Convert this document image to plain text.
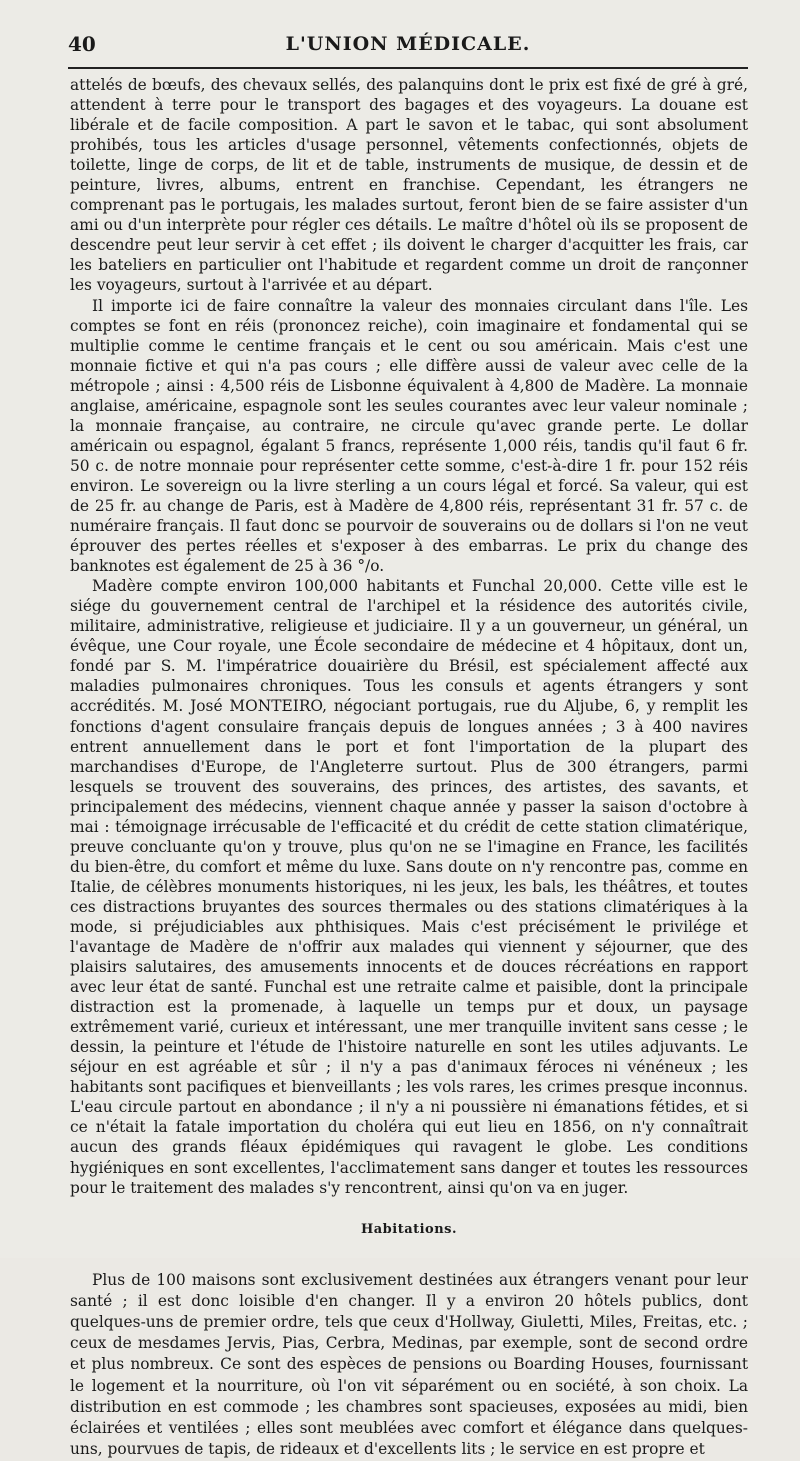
40	L'UNION MÉDICALE.

attelés de bœufs, des chevaux sellés, des palanquins dont le prix est fixé de gré à gré, attendent à terre pour le transport des bagages et des voyageurs. La douane est libérale et de facile composition. A part le savon et le tabac, qui sont absolument prohibés, tous les articles d'usage personnel, vêtements confectionnés, objets de toilette, linge de corps, de lit et de table, instruments de musique, de dessin et de peinture, livres, albums, entrent en franchise. Cependant, les étrangers ne comprenant pas le portugais, les malades surtout, feront bien de se faire assister d'un ami ou d'un interprète pour régler ces détails. Le maître d'hôtel où ils se proposent de descendre peut leur servir à cet effet ; ils doivent le charger d'acquitter les frais, car les bateliers en particulier ont l'habitude et regardent comme un droit de rançonner les voyageurs, surtout à l'arrivée et au départ.

Il importe ici de faire connaître la valeur des monnaies circulant dans l'île. Les comptes se font en réis (prononcez reiche), coin imaginaire et fondamental qui se multiplie comme le centime français et le cent ou sou américain. Mais c'est une monnaie fictive et qui n'a pas cours ; elle diffère aussi de valeur avec celle de la métropole ; ainsi : 4,500 réis de Lisbonne équivalent à 4,800 de Madère. La monnaie anglaise, américaine, espagnole sont les seules courantes avec leur valeur nominale ; la monnaie française, au contraire, ne circule qu'avec grande perte. Le dollar américain ou espagnol, égalant 5 francs, représente 1,000 réis, tandis qu'il faut 6 fr. 50 c. de notre monnaie pour représenter cette somme, c'est-à-dire 1 fr. pour 152 réis environ. Le sovereign ou la livre sterling a un cours légal et forcé. Sa valeur, qui est de 25 fr. au change de Paris, est à Madère de 4,800 réis, représentant 31 fr. 57 c. de numéraire français. Il faut donc se pourvoir de souverains ou de dollars si l'on ne veut éprouver des pertes réelles et s'exposer à des embarras. Le prix du change des banknotes est également de 25 à 36 °/o.

Madère compte environ 100,000 habitants et Funchal 20,000. Cette ville est le siége du gouvernement central de l'archipel et la résidence des autorités civile, militaire, administrative, religieuse et judiciaire. Il y a un gouverneur, un général, un évêque, une Cour royale, une École secondaire de médecine et 4 hôpitaux, dont un, fondé par S. M. l'impératrice douairière du Brésil, est spécialement affecté aux maladies pulmonaires chroniques. Tous les consuls et agents étrangers y sont accrédités. M. José MONTEIRO, négociant portugais, rue du Aljube, 6, y remplit les fonctions d'agent consulaire français depuis de longues années ; 3 à 400 navires entrent annuellement dans le port et font l'importation de la plupart des marchandises d'Europe, de l'Angleterre surtout. Plus de 300 étrangers, parmi lesquels se trouvent des souverains, des princes, des artistes, des savants, et principalement des médecins, viennent chaque année y passer la saison d'octobre à mai : témoignage irrécusable de l'efficacité et du crédit de cette station climatérique, preuve concluante qu'on y trouve, plus qu'on ne se l'imagine en France, les facilités du bien-être, du comfort et même du luxe. Sans doute on n'y rencontre pas, comme en Italie, de célèbres monuments historiques, ni les jeux, les bals, les théâtres, et toutes ces distractions bruyantes des sources thermales ou des stations climatériques à la mode, si préjudiciables aux phthisiques. Mais c'est précisément le privilége et l'avantage de Madère de n'offrir aux malades qui viennent y séjourner, que des plaisirs salutaires, des amusements innocents et de douces récréations en rapport avec leur état de santé. Funchal est une retraite calme et paisible, dont la principale distraction est la promenade, à laquelle un temps pur et doux, un paysage extrêmement varié, curieux et intéressant, une mer tranquille invitent sans cesse ; le dessin, la peinture et l'étude de l'histoire naturelle en sont les utiles adjuvants. Le séjour en est agréable et sûr ; il n'y a pas d'animaux féroces ni vénéneux ; les habitants sont pacifiques et bienveillants ; les vols rares, les crimes presque inconnus. L'eau circule partout en abondance ; il n'y a ni poussière ni émanations fétides, et si ce n'était la fatale importation du choléra qui eut lieu en 1856, on n'y connaîtrait aucun des grands fléaux épidémiques qui ravagent le globe. Les conditions hygiéniques en sont excellentes, l'acclimatement sans danger et toutes les ressources pour le traitement des malades s'y rencontrent, ainsi qu'on va en juger.

Habitations.

Plus de 100 maisons sont exclusivement destinées aux étrangers venant pour leur santé ; il est donc loisible d'en changer. Il y a environ 20 hôtels publics, dont quelques-uns de premier ordre, tels que ceux d'Hollway, Giuletti, Miles, Freitas, etc. ; ceux de mesdames Jervis, Pias, Cerbra, Medinas, par exemple, sont de second ordre et plus nombreux. Ce sont des espèces de pensions ou Boarding Houses, fournissant le logement et la nourriture, où l'on vit séparément ou en société, à son choix. La distribution en est commode ; les chambres sont spacieuses, exposées au midi, bien éclairées et ventilées ; elles sont meublées avec comfort et élégance dans quelques-uns, pourvues de tapis, de rideaux et d'excellents lits ; le service en est propre et
